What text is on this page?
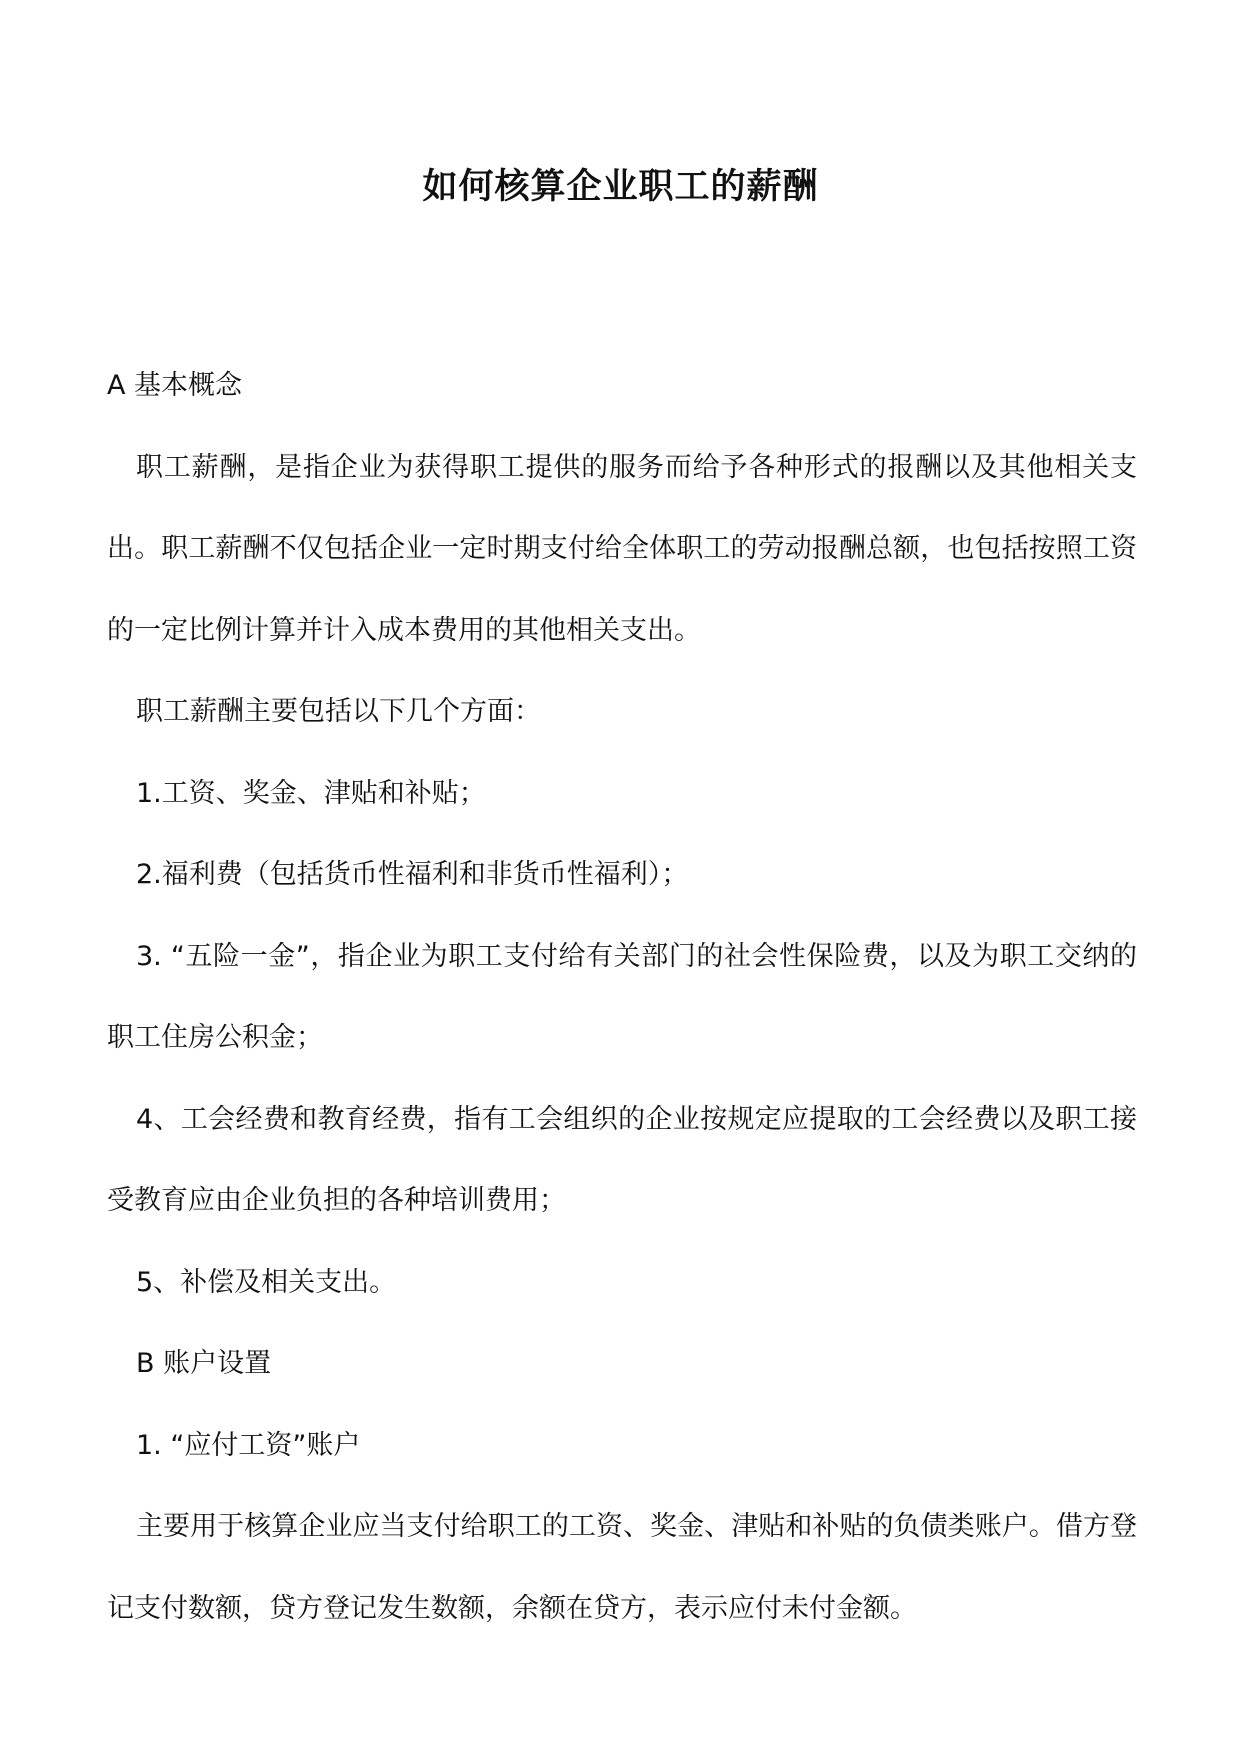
如何核算企业职工的薪酬

A 基本概念

职工薪酬，是指企业为获得职工提供的服务而给予各种形式的报酬以及其他相关支出。职工薪酬不仅包括企业一定时期支付给全体职工的劳动报酬总额，也包括按照工资的一定比例计算并计入成本费用的其他相关支出。

职工薪酬主要包括以下几个方面：

1.工资、奖金、津贴和补贴；

2.福利费（包括货币性福利和非货币性福利）；

3. “五险一金”，指企业为职工支付给有关部门的社会性保险费，以及为职工交纳的职工住房公积金；

4、工会经费和教育经费，指有工会组织的企业按规定应提取的工会经费以及职工接受教育应由企业负担的各种培训费用；

5、补偿及相关支出。

B 账户设置

1. “应付工资”账户

主要用于核算企业应当支付给职工的工资、奖金、津贴和补贴的负债类账户。借方登记支付数额，贷方登记发生数额，余额在贷方，表示应付未付金额。
